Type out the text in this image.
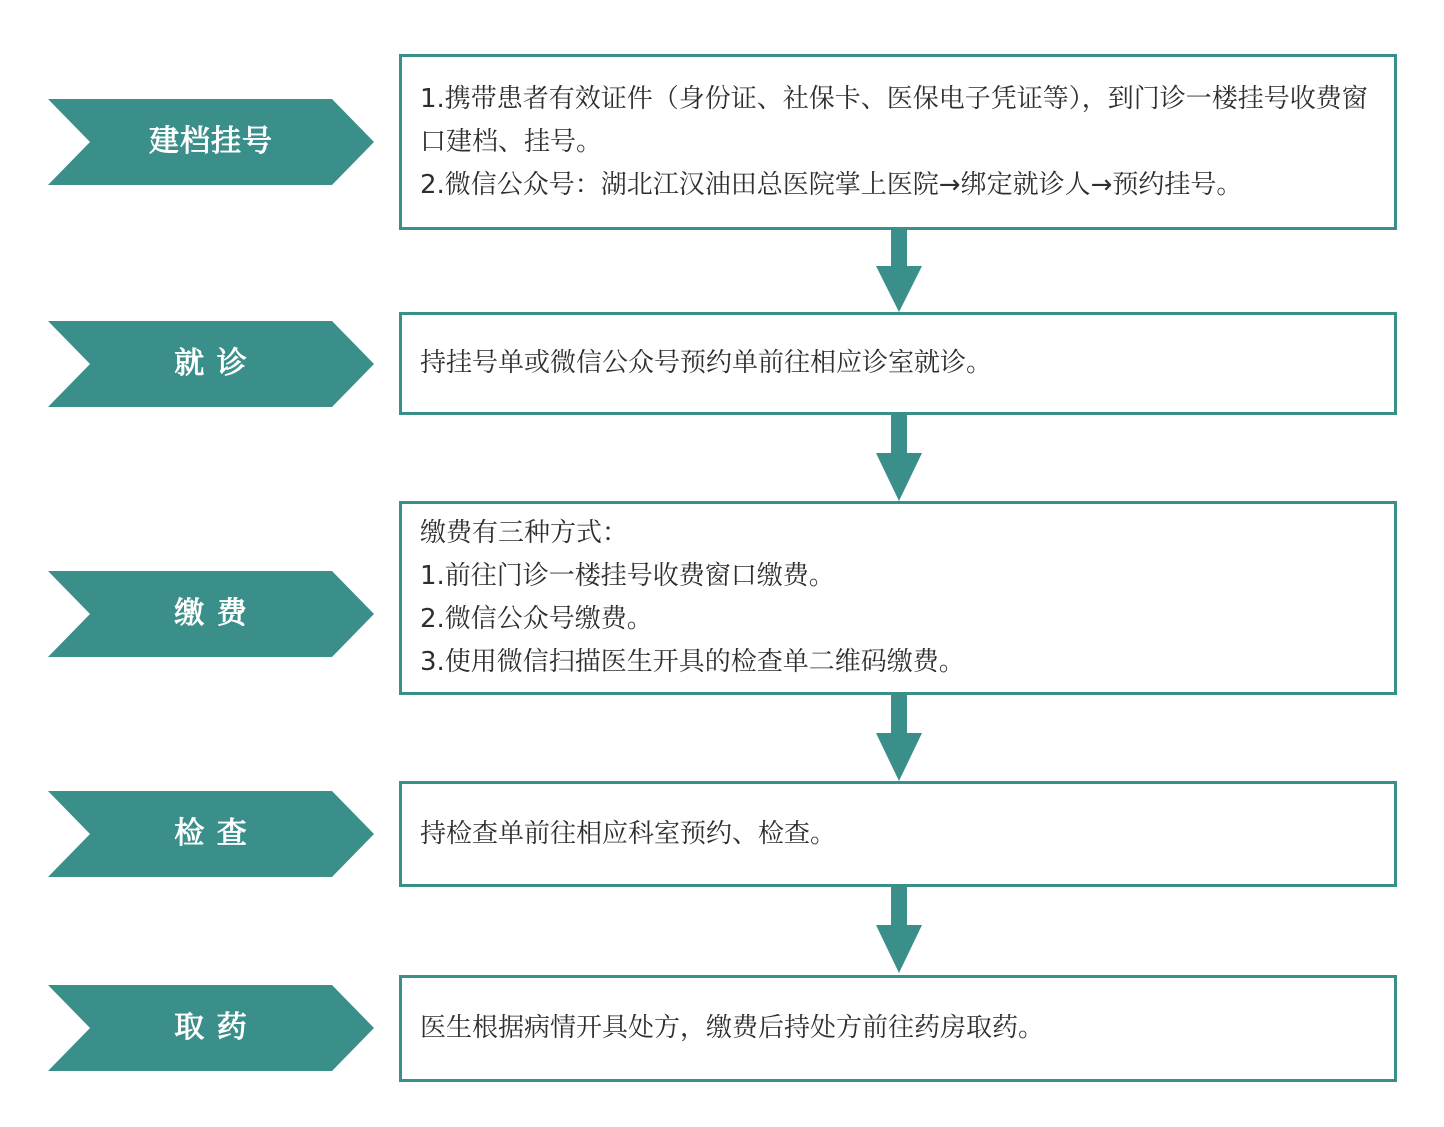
建档挂号
1.携带患者有效证件（身份证、社保卡、医保电子凭证等），到门诊一楼挂号收费窗口建档、挂号。
2.微信公众号：湖北江汉油田总医院掌上医院→绑定就诊人→预约挂号。
就 诊	持挂号单或微信公众号预约单前往相应诊室就诊。
缴 费
缴费有三种方式：
1.前往门诊一楼挂号收费窗口缴费。
2.微信公众号缴费。
3.使用微信扫描医生开具的检查单二维码缴费。
检 查	持检查单前往相应科室预约、检查。
取 药	医生根据病情开具处方，缴费后持处方前往药房取药。
